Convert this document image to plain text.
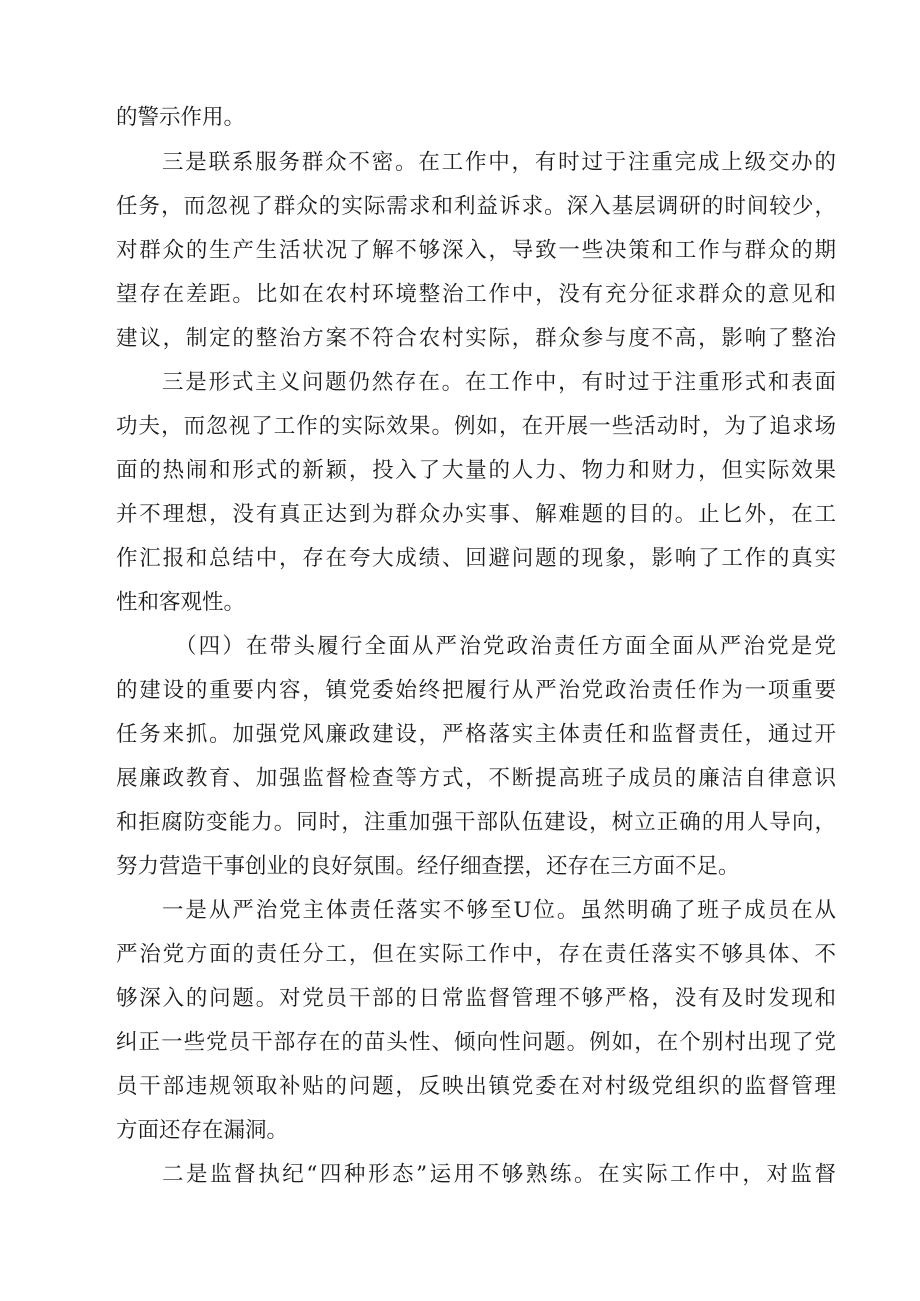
的警示作用。
三是联系服务群众不密。在工作中，有时过于注重完成上级交办的
任务，而忽视了群众的实际需求和利益诉求。深入基层调研的时间较少，
对群众的生产生活状况了解不够深入，导致一些决策和工作与群众的期
望存在差距。比如在农村环境整治工作中，没有充分征求群众的意见和
建议，制定的整治方案不符合农村实际，群众参与度不高，影响了整治
三是形式主义问题仍然存在。在工作中，有时过于注重形式和表面
功夫，而忽视了工作的实际效果。例如，在开展一些活动时，为了追求场
面的热闹和形式的新颖，投入了大量的人力、物力和财力，但实际效果
并不理想，没有真正达到为群众办实事、解难题的目的。止匕外，在工
作汇报和总结中，存在夸大成绩、回避问题的现象，影响了工作的真实
性和客观性。
（四）在带头履行全面从严治党政治责任方面全面从严治党是党
的建设的重要内容，镇党委始终把履行从严治党政治责任作为一项重要
任务来抓。加强党风廉政建设，严格落实主体责任和监督责任，通过开
展廉政教育、加强监督检查等方式，不断提高班子成员的廉洁自律意识
和拒腐防变能力。同时，注重加强干部队伍建设，树立正确的用人导向，
努力营造干事创业的良好氛围。经仔细查摆，还存在三方面不足。
一是从严治党主体责任落实不够至U位。虽然明确了班子成员在从
严治党方面的责任分工，但在实际工作中，存在责任落实不够具体、不
够深入的问题。对党员干部的日常监督管理不够严格，没有及时发现和
纠正一些党员干部存在的苗头性、倾向性问题。例如，在个别村出现了党
员干部违规领取补贴的问题，反映出镇党委在对村级党组织的监督管理
方面还存在漏洞。
二是监督执纪“四种形态”运用不够熟练。在实际工作中，对监督
